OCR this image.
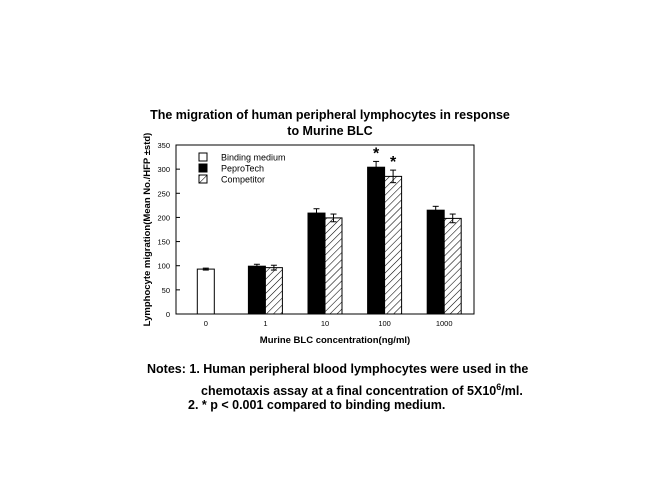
The migration of human peripheral lymphocytes in response
to Murine BLC
0
50
100
150
200
250
300
350
Lymphocyte migration(Mean No./HFP ±std)	0	1	10	100	1000
Murine BLC concentration(ng/ml)
*
*
Binding medium
PeproTech
Competitor
Notes: 1. Human peripheral blood lymphocytes were used in the
chemotaxis assay at a final concentration of $5X10^6/ml$.
2. * p < 0.001 compared to binding medium.
